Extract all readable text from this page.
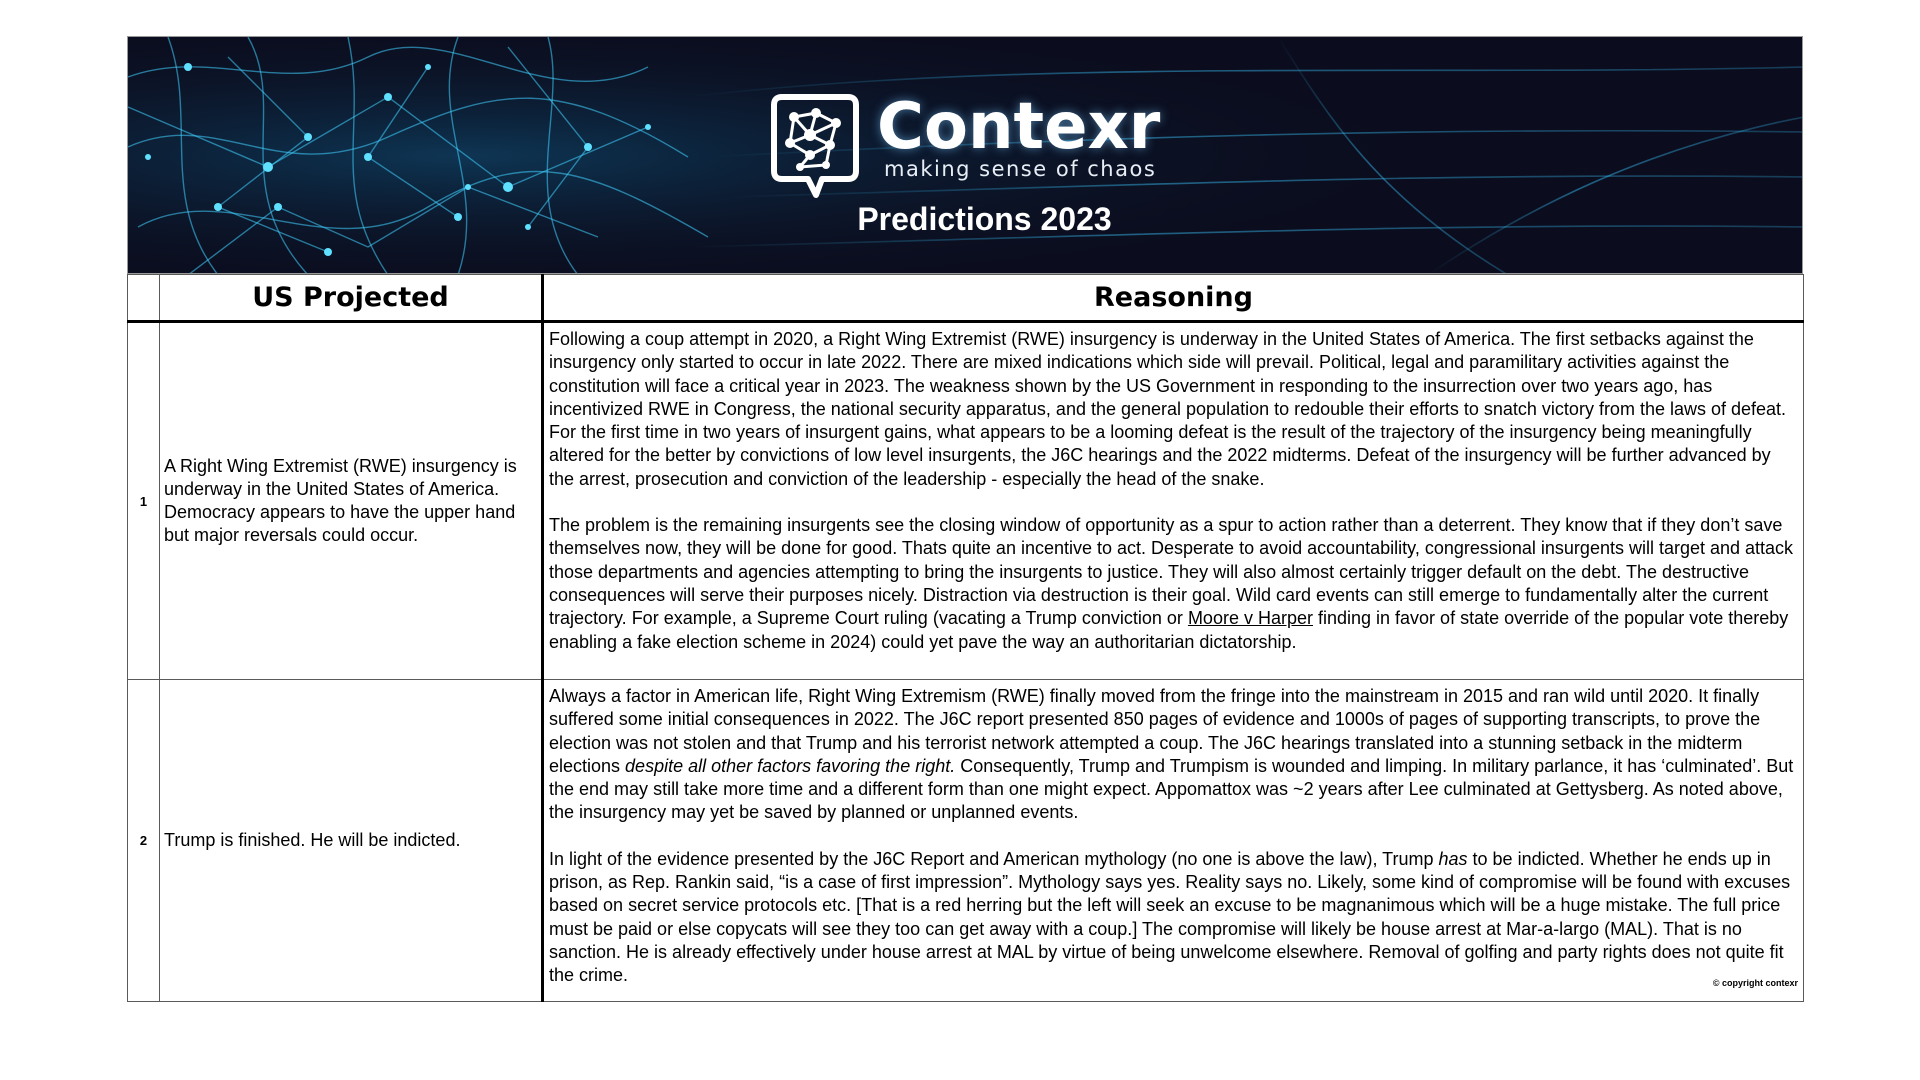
Contexr
making sense of chaos
Predictions 2023
	US Projected	Reasoning
1	A Right Wing Extremist (RWE) insurgency is underway in the United States of America. Democracy appears to have the upper hand but major reversals could occur.	Following a coup attempt in 2020, a Right Wing Extremist (RWE) insurgency is underway in the United States of America. The first setbacks against the insurgency only started to occur in late 2022. There are mixed indications which side will prevail. Political, legal and paramilitary activities against the constitution will face a critical year in 2023. The weakness shown by the US Government in responding to the insurrection over two years ago, has incentivized RWE in Congress, the national security apparatus, and the general population to redouble their efforts to snatch victory from the laws of defeat. For the first time in two years of insurgent gains, what appears to be a looming defeat is the result of the trajectory of the insurgency being meaningfully altered for the better by convictions of low level insurgents, the J6C hearings and the 2022 midterms. Defeat of the insurgency will be further advanced by the arrest, prosecution and conviction of the leadership - especially the head of the snake.

The problem is the remaining insurgents see the closing window of opportunity as a spur to action rather than a deterrent. They know that if they don’t save themselves now, they will be done for good. Thats quite an incentive to act. Desperate to avoid accountability, congressional insurgents will target and attack those departments and agencies attempting to bring the insurgents to justice. They will also almost certainly trigger default on the debt. The destructive consequences will serve their purposes nicely. Distraction via destruction is their goal. Wild card events can still emerge to fundamentally alter the current trajectory. For example, a Supreme Court ruling (vacating a Trump conviction or Moore v Harper finding in favor of state override of the popular vote thereby enabling a fake election scheme in 2024) could yet pave the way an authoritarian dictatorship.

2	Trump is finished. He will be indicted.	Always a factor in American life, Right Wing Extremism (RWE) finally moved from the fringe into the mainstream in 2015 and ran wild until 2020. It finally suffered some initial consequences in 2022. The J6C report presented 850 pages of evidence and 1000s of pages of supporting transcripts, to prove the election was not stolen and that Trump and his terrorist network attempted a coup. The J6C hearings translated into a stunning setback in the midterm elections despite all other factors favoring the right. Consequently, Trump and Trumpism is wounded and limping. In military parlance, it has ‘culminated’. But the end may still take more time and a different form than one might expect. Appomattox was ~2 years after Lee culminated at Gettysberg. As noted above, the insurgency may yet be saved by planned or unplanned events.

In light of the evidence presented by the J6C Report and American mythology (no one is above the law), Trump has to be indicted. Whether he ends up in prison, as Rep. Rankin said, “is a case of first impression”. Mythology says yes. Reality says no. Likely, some kind of compromise will be found with excuses based on secret service protocols etc. [That is a red herring but the left will seek an excuse to be magnanimous which will be a huge mistake. The full price must be paid or else copycats will see they too can get away with a coup.] The compromise will likely be house arrest at Mar-a-largo (MAL). That is no sanction. He is already effectively under house arrest at MAL by virtue of being unwelcome elsewhere. Removal of golfing and party rights does not quite fit the crime. © copyright contexr
